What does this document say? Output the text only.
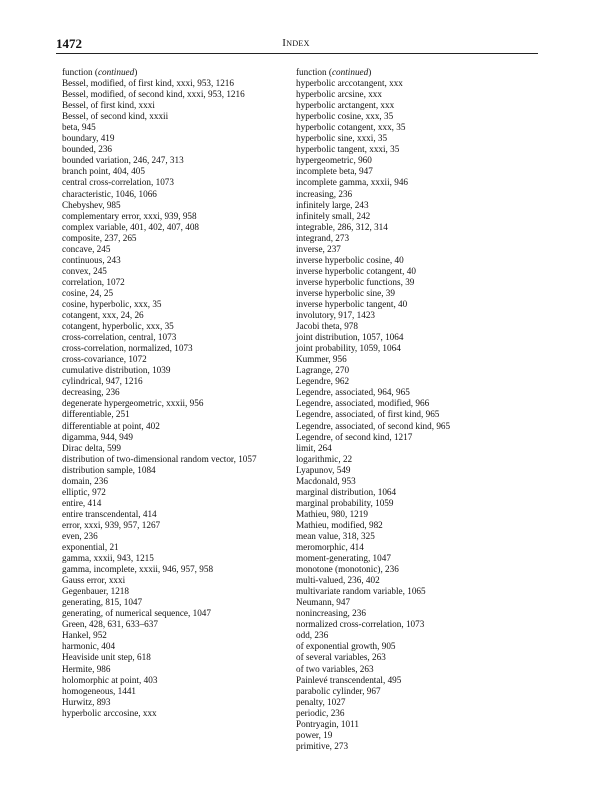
1472	Index

function (continued)

Bessel, modified, of first kind, xxxi, 953, 1216

Bessel, modified, of second kind, xxxi, 953, 1216

Bessel, of first kind, xxxi

Bessel, of second kind, xxxii

beta, 945

boundary, 419

bounded, 236

bounded variation, 246, 247, 313

branch point, 404, 405

central cross-correlation, 1073

characteristic, 1046, 1066

Chebyshev, 985

complementary error, xxxi, 939, 958

complex variable, 401, 402, 407, 408

composite, 237, 265

concave, 245

continuous, 243

convex, 245

correlation, 1072

cosine, 24, 25

cosine, hyperbolic, xxx, 35

cotangent, xxx, 24, 26

cotangent, hyperbolic, xxx, 35

cross-correlation, central, 1073

cross-correlation, normalized, 1073

cross-covariance, 1072

cumulative distribution, 1039

cylindrical, 947, 1216

decreasing, 236

degenerate hypergeometric, xxxii, 956

differentiable, 251

differentiable at point, 402

digamma, 944, 949

Dirac delta, 599

distribution of two-dimensional random vector, 1057

distribution sample, 1084

domain, 236

elliptic, 972

entire, 414

entire transcendental, 414

error, xxxi, 939, 957, 1267

even, 236

exponential, 21

gamma, xxxii, 943, 1215

gamma, incomplete, xxxii, 946, 957, 958

Gauss error, xxxi

Gegenbauer, 1218

generating, 815, 1047

generating, of numerical sequence, 1047

Green, 428, 631, 633–637

Hankel, 952

harmonic, 404

Heaviside unit step, 618

Hermite, 986

holomorphic at point, 403

homogeneous, 1441

Hurwitz, 893

hyperbolic arccosine, xxx

function (continued)

hyperbolic arccotangent, xxx

hyperbolic arcsine, xxx

hyperbolic arctangent, xxx

hyperbolic cosine, xxx, 35

hyperbolic cotangent, xxx, 35

hyperbolic sine, xxxi, 35

hyperbolic tangent, xxxi, 35

hypergeometric, 960

incomplete beta, 947

incomplete gamma, xxxii, 946

increasing, 236

infinitely large, 243

infinitely small, 242

integrable, 286, 312, 314

integrand, 273

inverse, 237

inverse hyperbolic cosine, 40

inverse hyperbolic cotangent, 40

inverse hyperbolic functions, 39

inverse hyperbolic sine, 39

inverse hyperbolic tangent, 40

involutory, 917, 1423

Jacobi theta, 978

joint distribution, 1057, 1064

joint probability, 1059, 1064

Kummer, 956

Lagrange, 270

Legendre, 962

Legendre, associated, 964, 965

Legendre, associated, modified, 966

Legendre, associated, of first kind, 965

Legendre, associated, of second kind, 965

Legendre, of second kind, 1217

limit, 264

logarithmic, 22

Lyapunov, 549

Macdonald, 953

marginal distribution, 1064

marginal probability, 1059

Mathieu, 980, 1219

Mathieu, modified, 982

mean value, 318, 325

meromorphic, 414

moment-generating, 1047

monotone (monotonic), 236

multi-valued, 236, 402

multivariate random variable, 1065

Neumann, 947

nonincreasing, 236

normalized cross-correlation, 1073

odd, 236

of exponential growth, 905

of several variables, 263

of two variables, 263

Painlevé transcendental, 495

parabolic cylinder, 967

penalty, 1027

periodic, 236

Pontryagin, 1011

power, 19

primitive, 273
